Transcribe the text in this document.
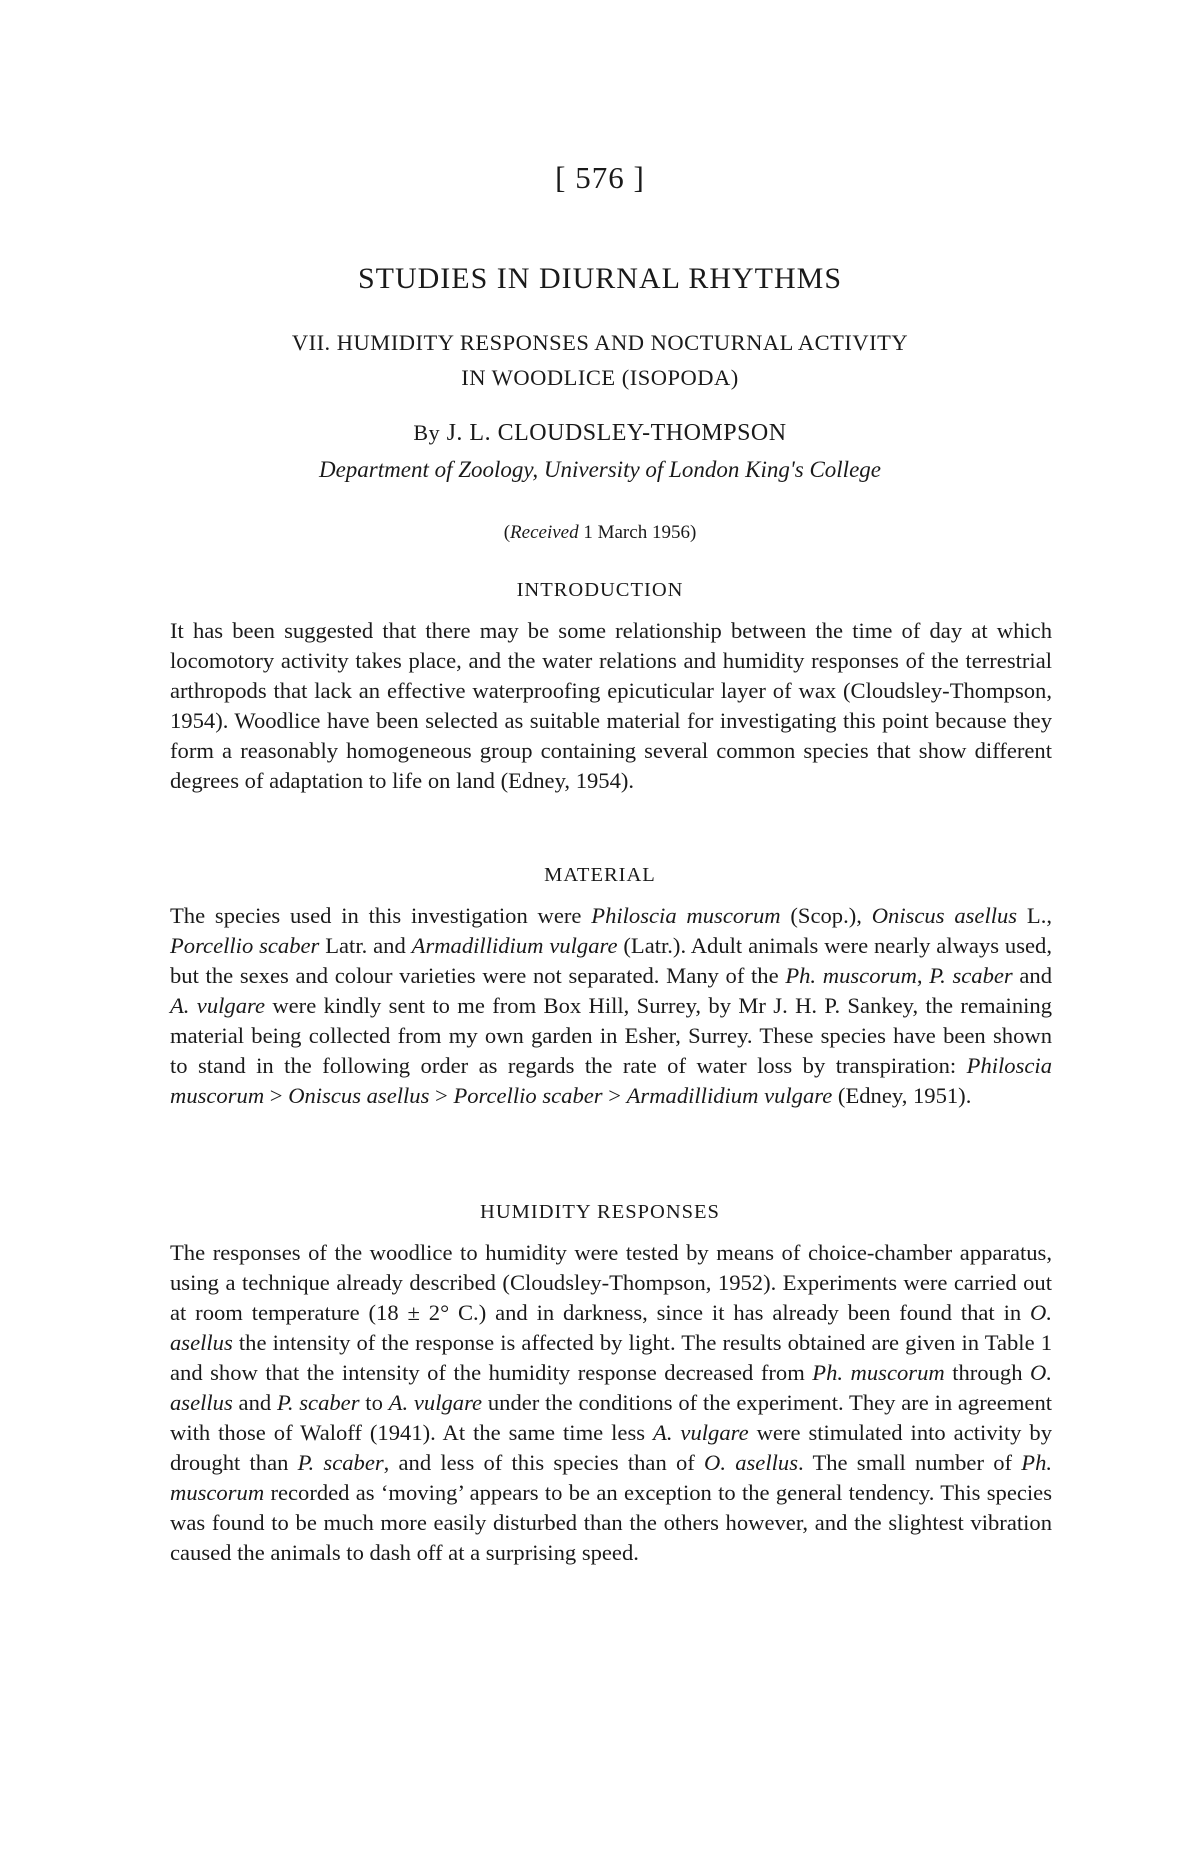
[ 576 ]
STUDIES IN DIURNAL RHYTHMS
VII. HUMIDITY RESPONSES AND NOCTURNAL ACTIVITY
IN WOODLICE (ISOPODA)
By J. L. CLOUDSLEY-THOMPSON
Department of Zoology, University of London King's College
(Received 1 March 1956)
INTRODUCTION
It has been suggested that there may be some relationship between the time of day at which locomotory activity takes place, and the water relations and humidity responses of the terrestrial arthropods that lack an effective waterproofing epicuticular layer of wax (Cloudsley-Thompson, 1954). Woodlice have been selected as suitable material for investigating this point because they form a reasonably homogeneous group containing several common species that show different degrees of adaptation to life on land (Edney, 1954).
MATERIAL
The species used in this investigation were Philoscia muscorum (Scop.), Oniscus asellus L., Porcellio scaber Latr. and Armadillidium vulgare (Latr.). Adult animals were nearly always used, but the sexes and colour varieties were not separated. Many of the Ph. muscorum, P. scaber and A. vulgare were kindly sent to me from Box Hill, Surrey, by Mr J. H. P. Sankey, the remaining material being collected from my own garden in Esher, Surrey. These species have been shown to stand in the following order as regards the rate of water loss by transpiration: Philoscia muscorum > Oniscus asellus > Porcellio scaber > Armadillidium vulgare (Edney, 1951).
HUMIDITY RESPONSES
The responses of the woodlice to humidity were tested by means of choice-chamber apparatus, using a technique already described (Cloudsley-Thompson, 1952). Experiments were carried out at room temperature (18 ± 2° C.) and in darkness, since it has already been found that in O. asellus the intensity of the response is affected by light. The results obtained are given in Table 1 and show that the intensity of the humidity response decreased from Ph. muscorum through O. asellus and P. scaber to A. vulgare under the conditions of the experiment. They are in agreement with those of Waloff (1941). At the same time less A. vulgare were stimulated into activity by drought than P. scaber, and less of this species than of O. asellus. The small number of Ph. muscorum recorded as ‘moving’ appears to be an exception to the general tendency. This species was found to be much more easily disturbed than the others however, and the slightest vibration caused the animals to dash off at a surprising speed.
